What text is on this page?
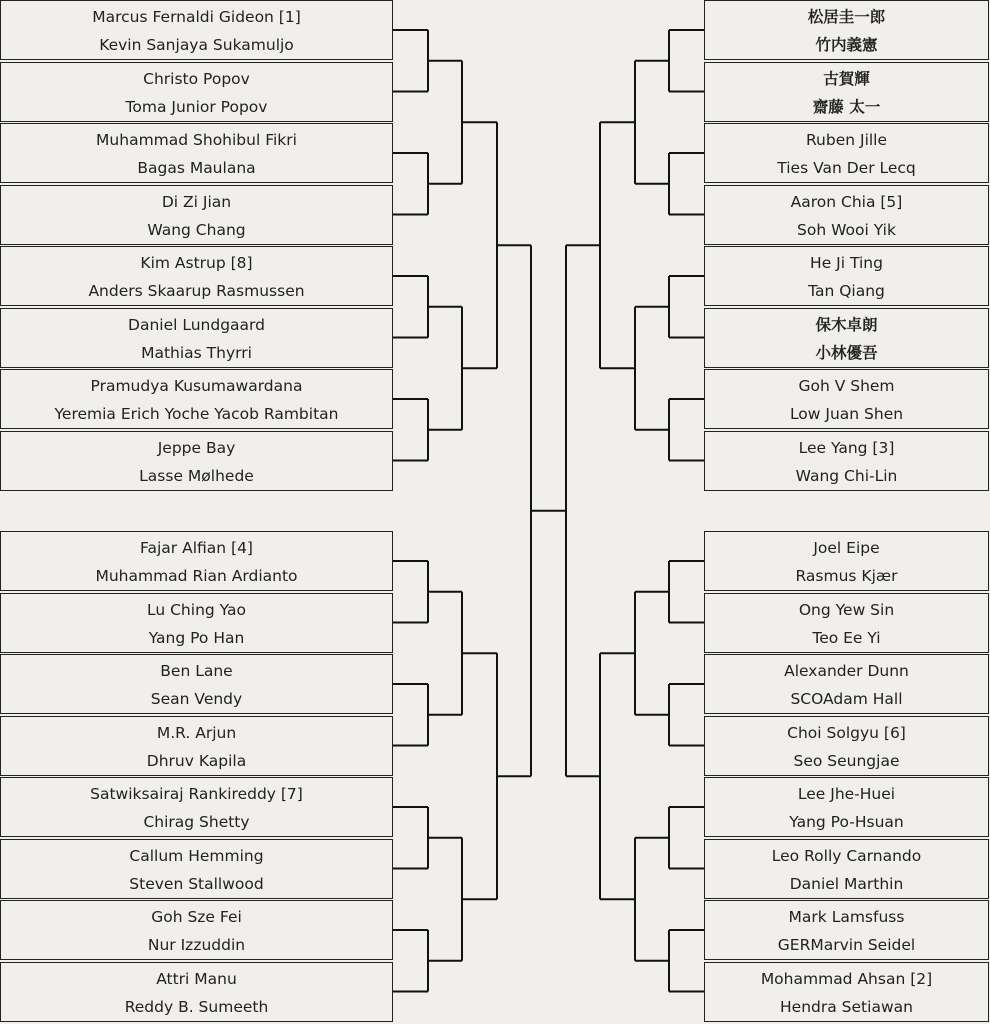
Marcus Fernaldi Gideon [1]
Kevin Sanjaya Sukamuljo
Christo Popov
Toma Junior Popov
Muhammad Shohibul Fikri
Bagas Maulana
Di Zi Jian
Wang Chang
Kim Astrup [8]
Anders Skaarup Rasmussen
Daniel Lundgaard
Mathias Thyrri
Pramudya Kusumawardana
Yeremia Erich Yoche Yacob Rambitan
Jeppe Bay
Lasse Mølhede
Fajar Alfian [4]
Muhammad Rian Ardianto
Lu Ching Yao
Yang Po Han
Ben Lane
Sean Vendy
M.R. Arjun
Dhruv Kapila
Satwiksairaj Rankireddy [7]
Chirag Shetty
Callum Hemming
Steven Stallwood
Goh Sze Fei
Nur Izzuddin
Attri Manu
Reddy B. Sumeeth
松居圭一郎
竹内義憲
古賀輝
齋藤 太一
Ruben Jille
Ties Van Der Lecq
Aaron Chia [5]
Soh Wooi Yik
He Ji Ting
Tan Qiang
保木卓朗
小林優吾
Goh V Shem
Low Juan Shen
Lee Yang [3]
Wang Chi-Lin
Joel Eipe
Rasmus Kjær
Ong Yew Sin
Teo Ee Yi
Alexander Dunn
SCOAdam Hall
Choi Solgyu [6]
Seo Seungjae
Lee Jhe-Huei
Yang Po-Hsuan
Leo Rolly Carnando
Daniel Marthin
Mark Lamsfuss
GERMarvin Seidel
Mohammad Ahsan [2]
Hendra Setiawan
